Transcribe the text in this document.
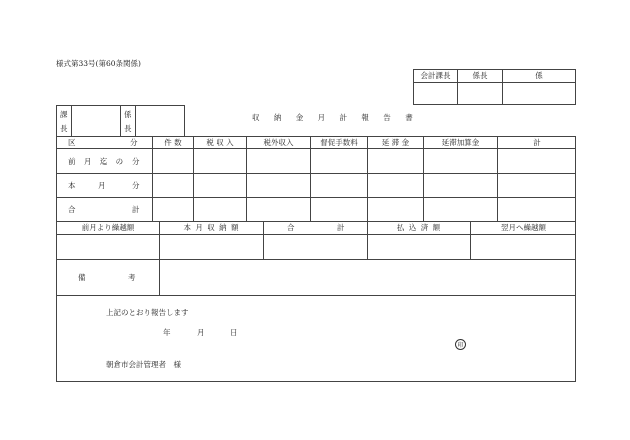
様式第33号(第60条関係)
会計課長	係長	係
課
長
係
長
収 納 金 月 計 報 告 書
区	分	件 数	税 収 入	税外収入	督促手数料	延 滞 金	延滞加算金	計
前 月 迄 の 分
本　　　月	分
合	計
前月より繰越額	本 月 収 納 額	合	計	払 込 済 額	翌月へ繰越額
備	考
上記のとおり報告します
年	月	日
印
朝倉市会計管理者　様
